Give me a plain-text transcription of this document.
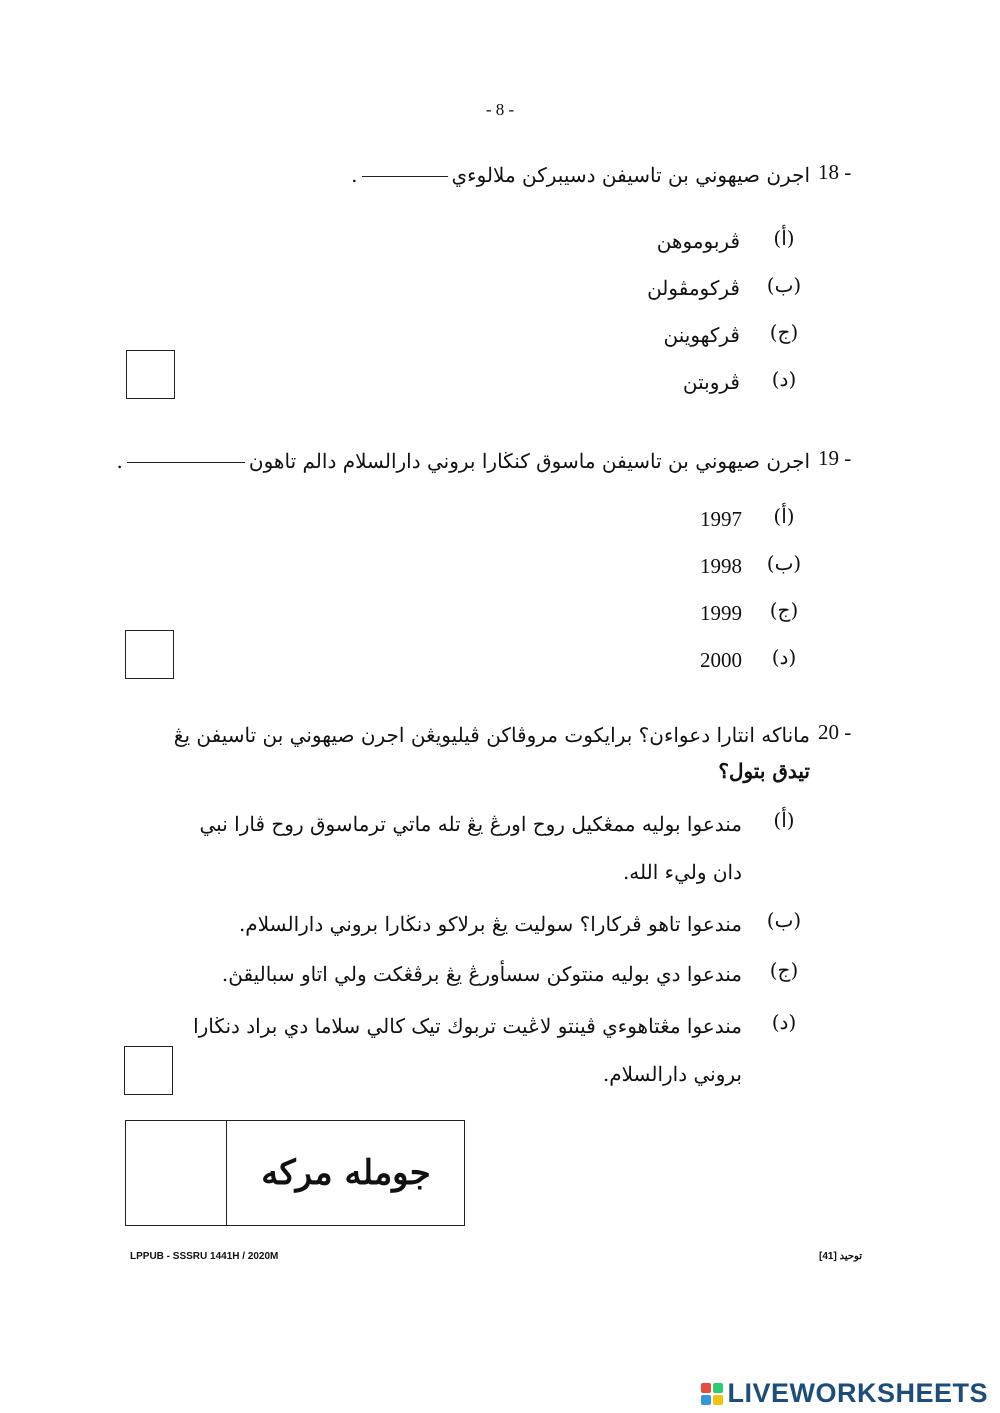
- 8 -
18 -
اجرن صيهوني بن تاسيفن دسيبركن ملالوءي.
(أ)
ڤربوموهن
(ب)
ڤركومڤولن
(ج)
ڤركهوينن
(د)
ڤروبتن
19 -
اجرن صيهوني بن تاسيفن ماسوق كنڬارا بروني دارالسلام دالم تاهون.
(أ)
1997
(ب)
1998
(ج)
1999
(د)
2000
20 -
ماناكه انتارا دعواءن؟ برايكوت مروڤاكن ڤيليويڠن اجرن صيهوني بن تاسيفن يڠ
تيدق بتول؟
(أ)
مندعوا بوليه ممڠكيل روح اورڠ يڠ تله ماتي ترماسوق روح ڤارا نبي دان وليء الله.
(ب)
مندعوا تاهو ڤركارا؟ سوليت يڠ برلاكو دنڬارا بروني دارالسلام.
(ج)
مندعوا دي بوليه منتوكن سسأورڠ يڠ برڤڠكت ولي اتاو سباليقڽ.
(د)
مندعوا مڠتاهوءي ڤينتو لاڠيت تربوك تيک كالي سلاما دي براد دنڬارا بروني دارالسلام.
جومله مركه
LPPUB - SSSRU 1441H / 2020M	توحيد [41]
LIVEWORKSHEETS
